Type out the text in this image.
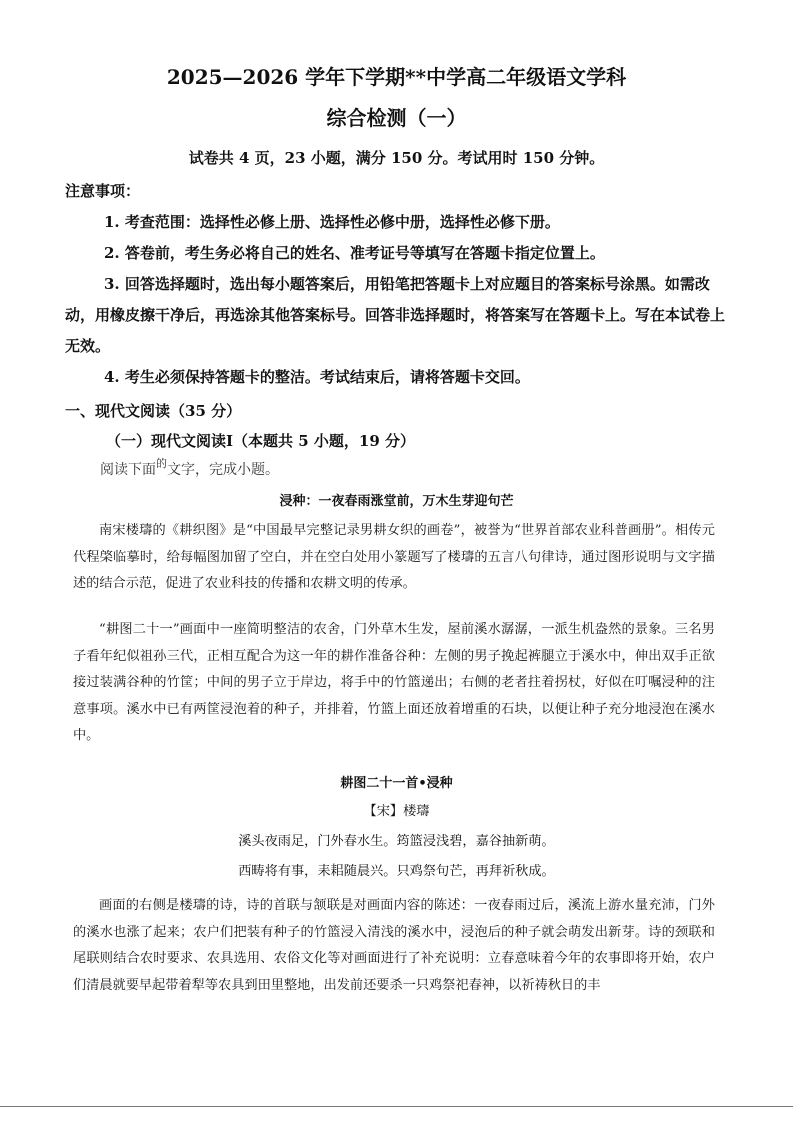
2025—2026 学年下学期**中学高二年级语文学科
综合检测（一）
试卷共 4 页，23 小题，满分 150 分。考试用时 150 分钟。
注意事项：

1. 考查范围：选择性必修上册、选择性必修中册，选择性必修下册。

2. 答卷前，考生务必将自己的姓名、准考证号等填写在答题卡指定位置上。

3. 回答选择题时，选出每小题答案后，用铅笔把答题卡上对应题目的答案标号涂黑。如需改动，用橡皮擦干净后，再选涂其他答案标号。回答非选择题时，将答案写在答题卡上。写在本试卷上无效。

4. 考生必须保持答题卡的整洁。考试结束后，请将答题卡交回。

一、现代文阅读（35 分）
（一）现代文阅读Ⅰ（本题共 5 小题，19 分）
阅读下面$^的$文字，完成小题。
浸种：一夜春雨涨堂前，万木生芽迎句芒

南宋楼璹的《耕织图》是“中国最早完整记录男耕女织的画卷”，被誉为“世界首部农业科普画册”。相传元代程棨临摹时，给每幅图加留了空白，并在空白处用小篆题写了楼璹的五言八句律诗，通过图形说明与文字描述的结合示范，促进了农业科技的传播和农耕文明的传承。

“耕图二十一”画面中一座简明整洁的农舍，门外草木生发，屋前溪水潺潺，一派生机盎然的景象。三名男子看年纪似祖孙三代，正相互配合为这一年的耕作准备谷种：左侧的男子挽起裤腿立于溪水中，伸出双手正欲接过装满谷种的竹筐；中间的男子立于岸边，将手中的竹篮递出；右侧的老者拄着拐杖，好似在叮嘱浸种的注意事项。溪水中已有两筐浸泡着的种子，并排着，竹篮上面还放着增重的石块，以便让种子充分地浸泡在溪水中。

耕图二十一首•浸种
【宋】楼璹
溪头夜雨足，门外春水生。筠篮浸浅碧，嘉谷抽新萌。
西畴将有事，耒耜随晨兴。只鸡祭句芒，再拜祈秋成。

画面的右侧是楼璹的诗，诗的首联与颔联是对画面内容的陈述：一夜春雨过后，溪流上游水量充沛，门外的溪水也涨了起来；农户们把装有种子的竹篮浸入清浅的溪水中，浸泡后的种子就会萌发出新芽。诗的颈联和尾联则结合农时要求、农具选用、农俗文化等对画面进行了补充说明：立春意味着今年的农事即将开始，农户们清晨就要早起带着犁等农具到田里整地，出发前还要杀一只鸡祭祀春神，以祈祷秋日的丰
